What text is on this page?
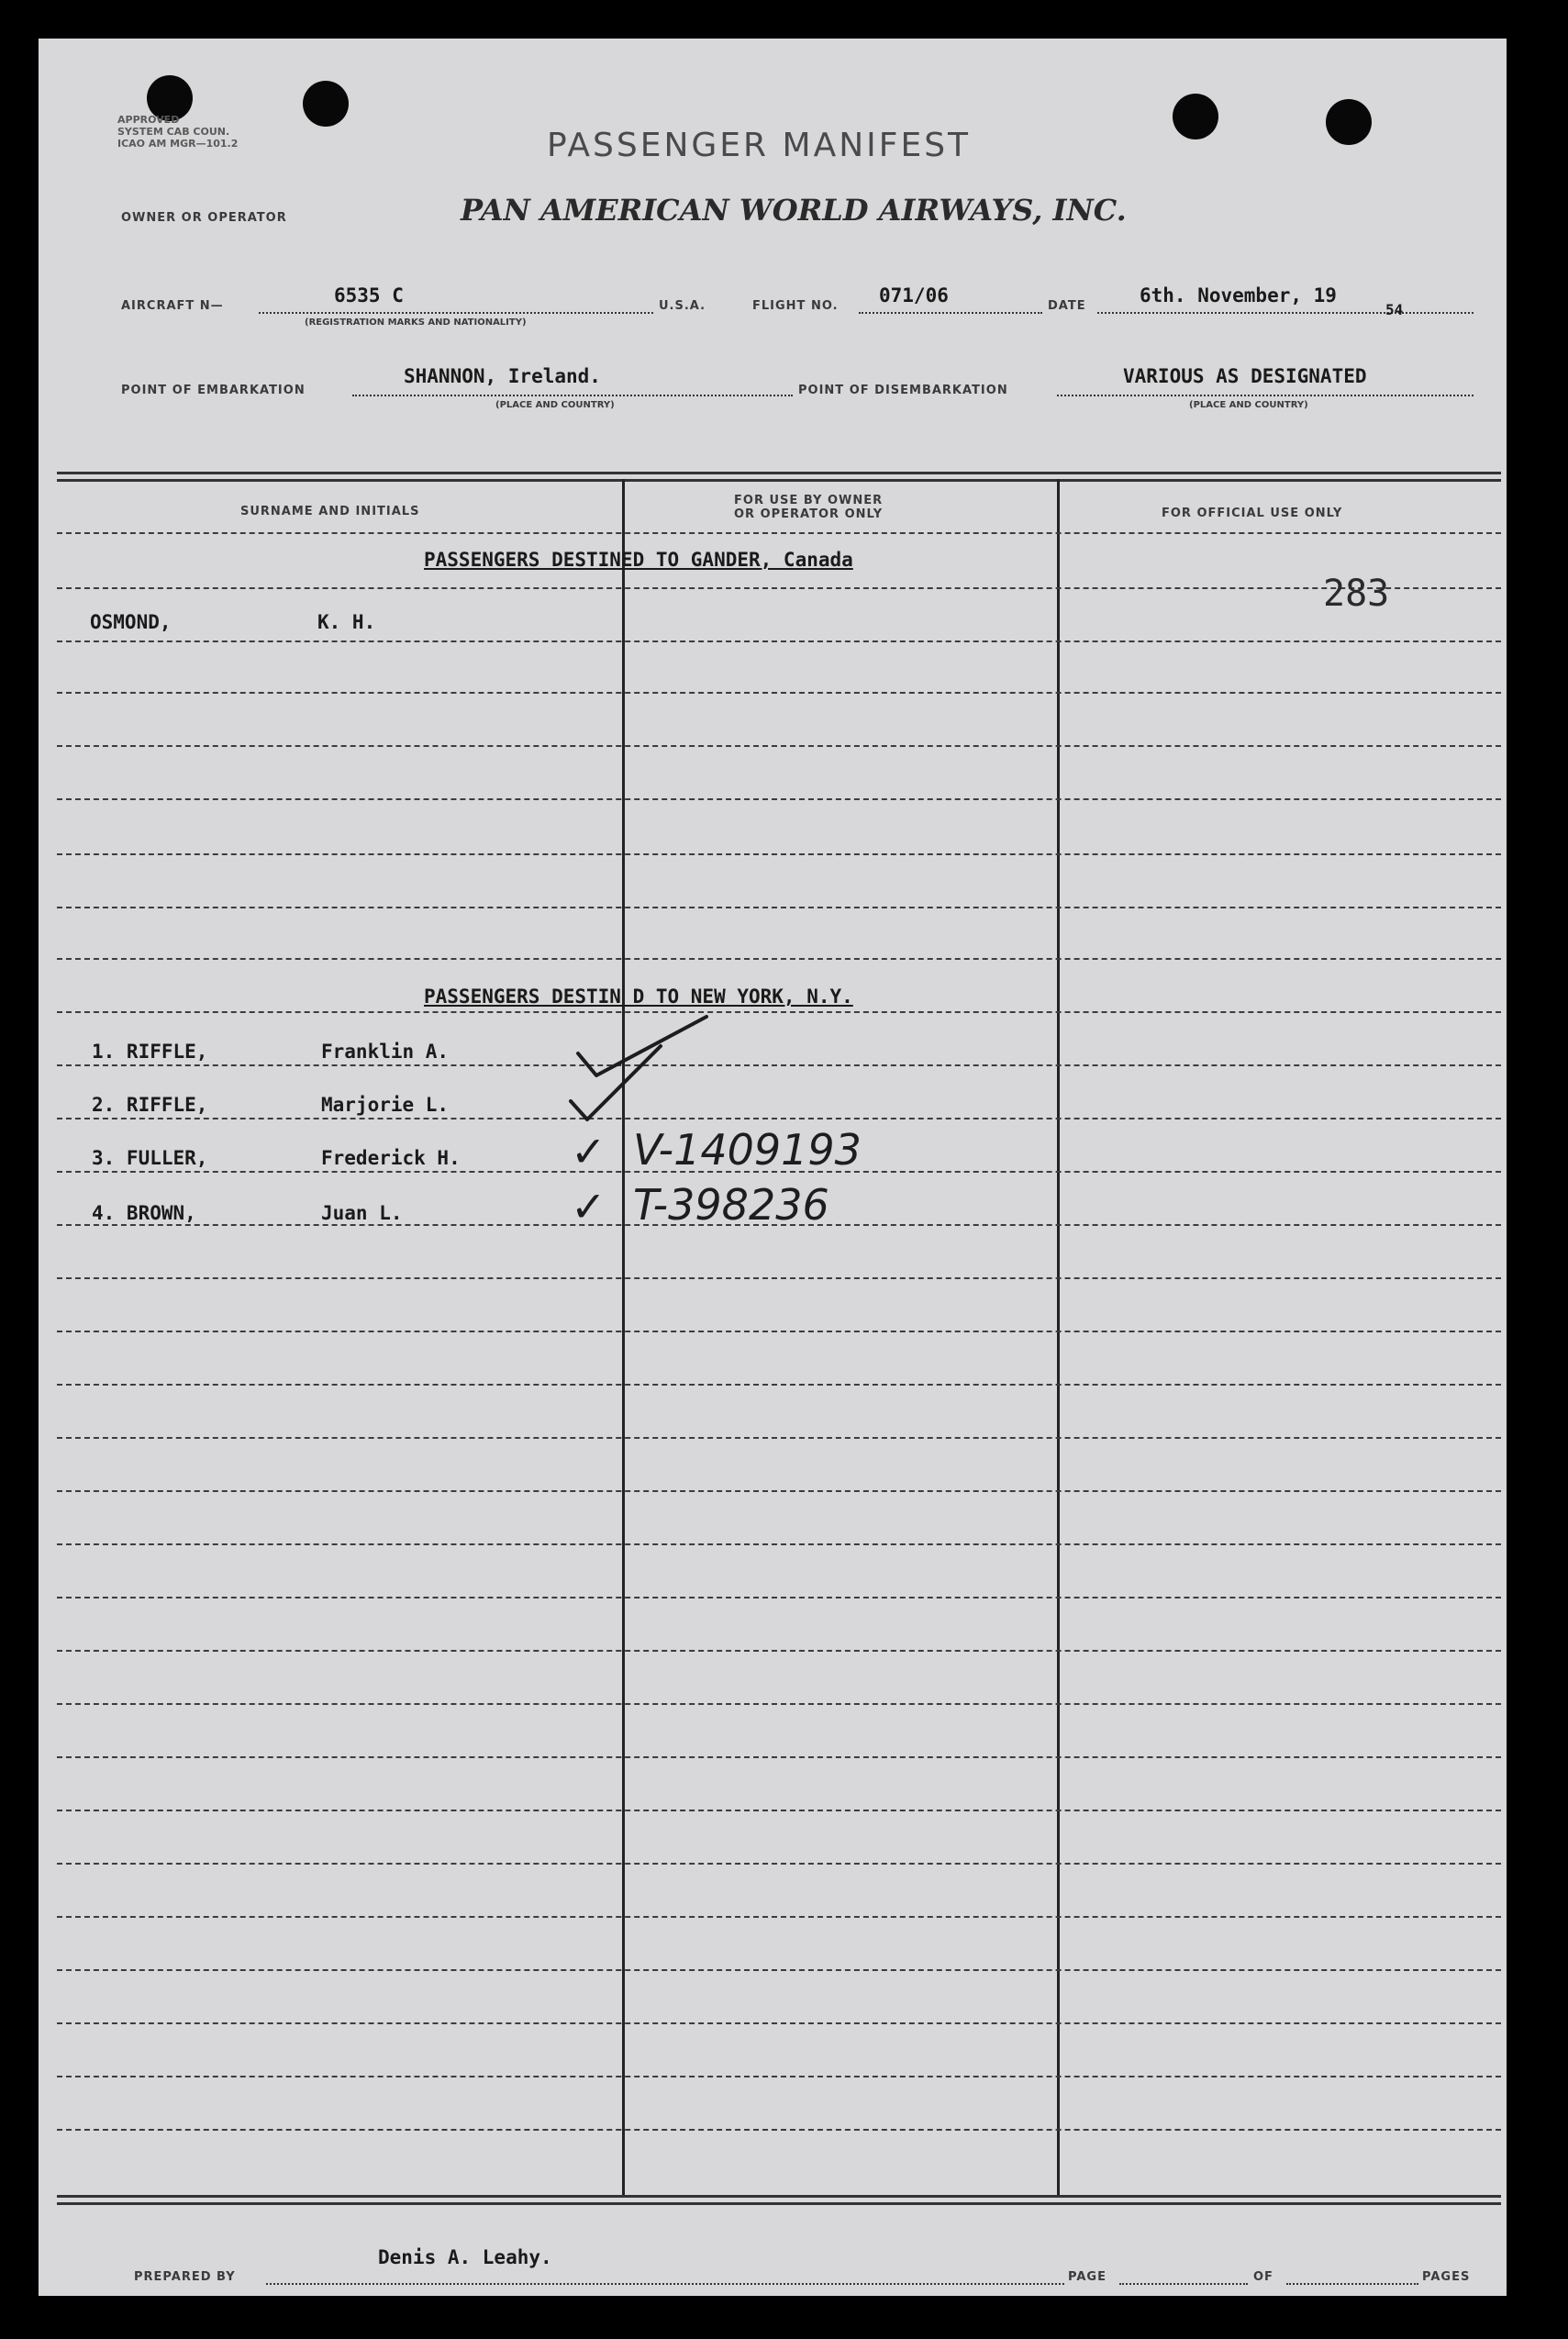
APPROVED
SYSTEM CAB COUN.
ICAO AM MGR—101.2	PASSENGER MANIFEST
OWNER OR OPERATOR	PAN AMERICAN WORLD AIRWAYS, INC.
AIRCRAFT N—	6535 C
(REGISTRATION MARKS AND NATIONALITY)
U.S.A.	FLIGHT NO. 071/06	DATE	6th. November, 19
54
POINT OF EMBARKATION
SHANNON, Ireland.
(PLACE AND COUNTRY)
POINT OF DISEMBARKATION
VARIOUS AS DESIGNATED
(PLACE AND COUNTRY)
SURNAME AND INITIALS
FOR USE BY OWNER
OR OPERATOR ONLY	FOR OFFICIAL USE ONLY
PASSENGERS DESTINED TO GANDER, Canada
283
OSMOND,	K. H.
PASSENGERS DESTIN D TO NEW YORK, N.Y.
1. RIFFLE,	Franklin A.
2. RIFFLE,	Marjorie L.
3. FULLER,	Frederick H.	✓ V-1409193
4. BROWN,	Juan L.	✓ T-398236
PREPARED BY
Denis A. Leahy.
PAGE	OF	PAGES
